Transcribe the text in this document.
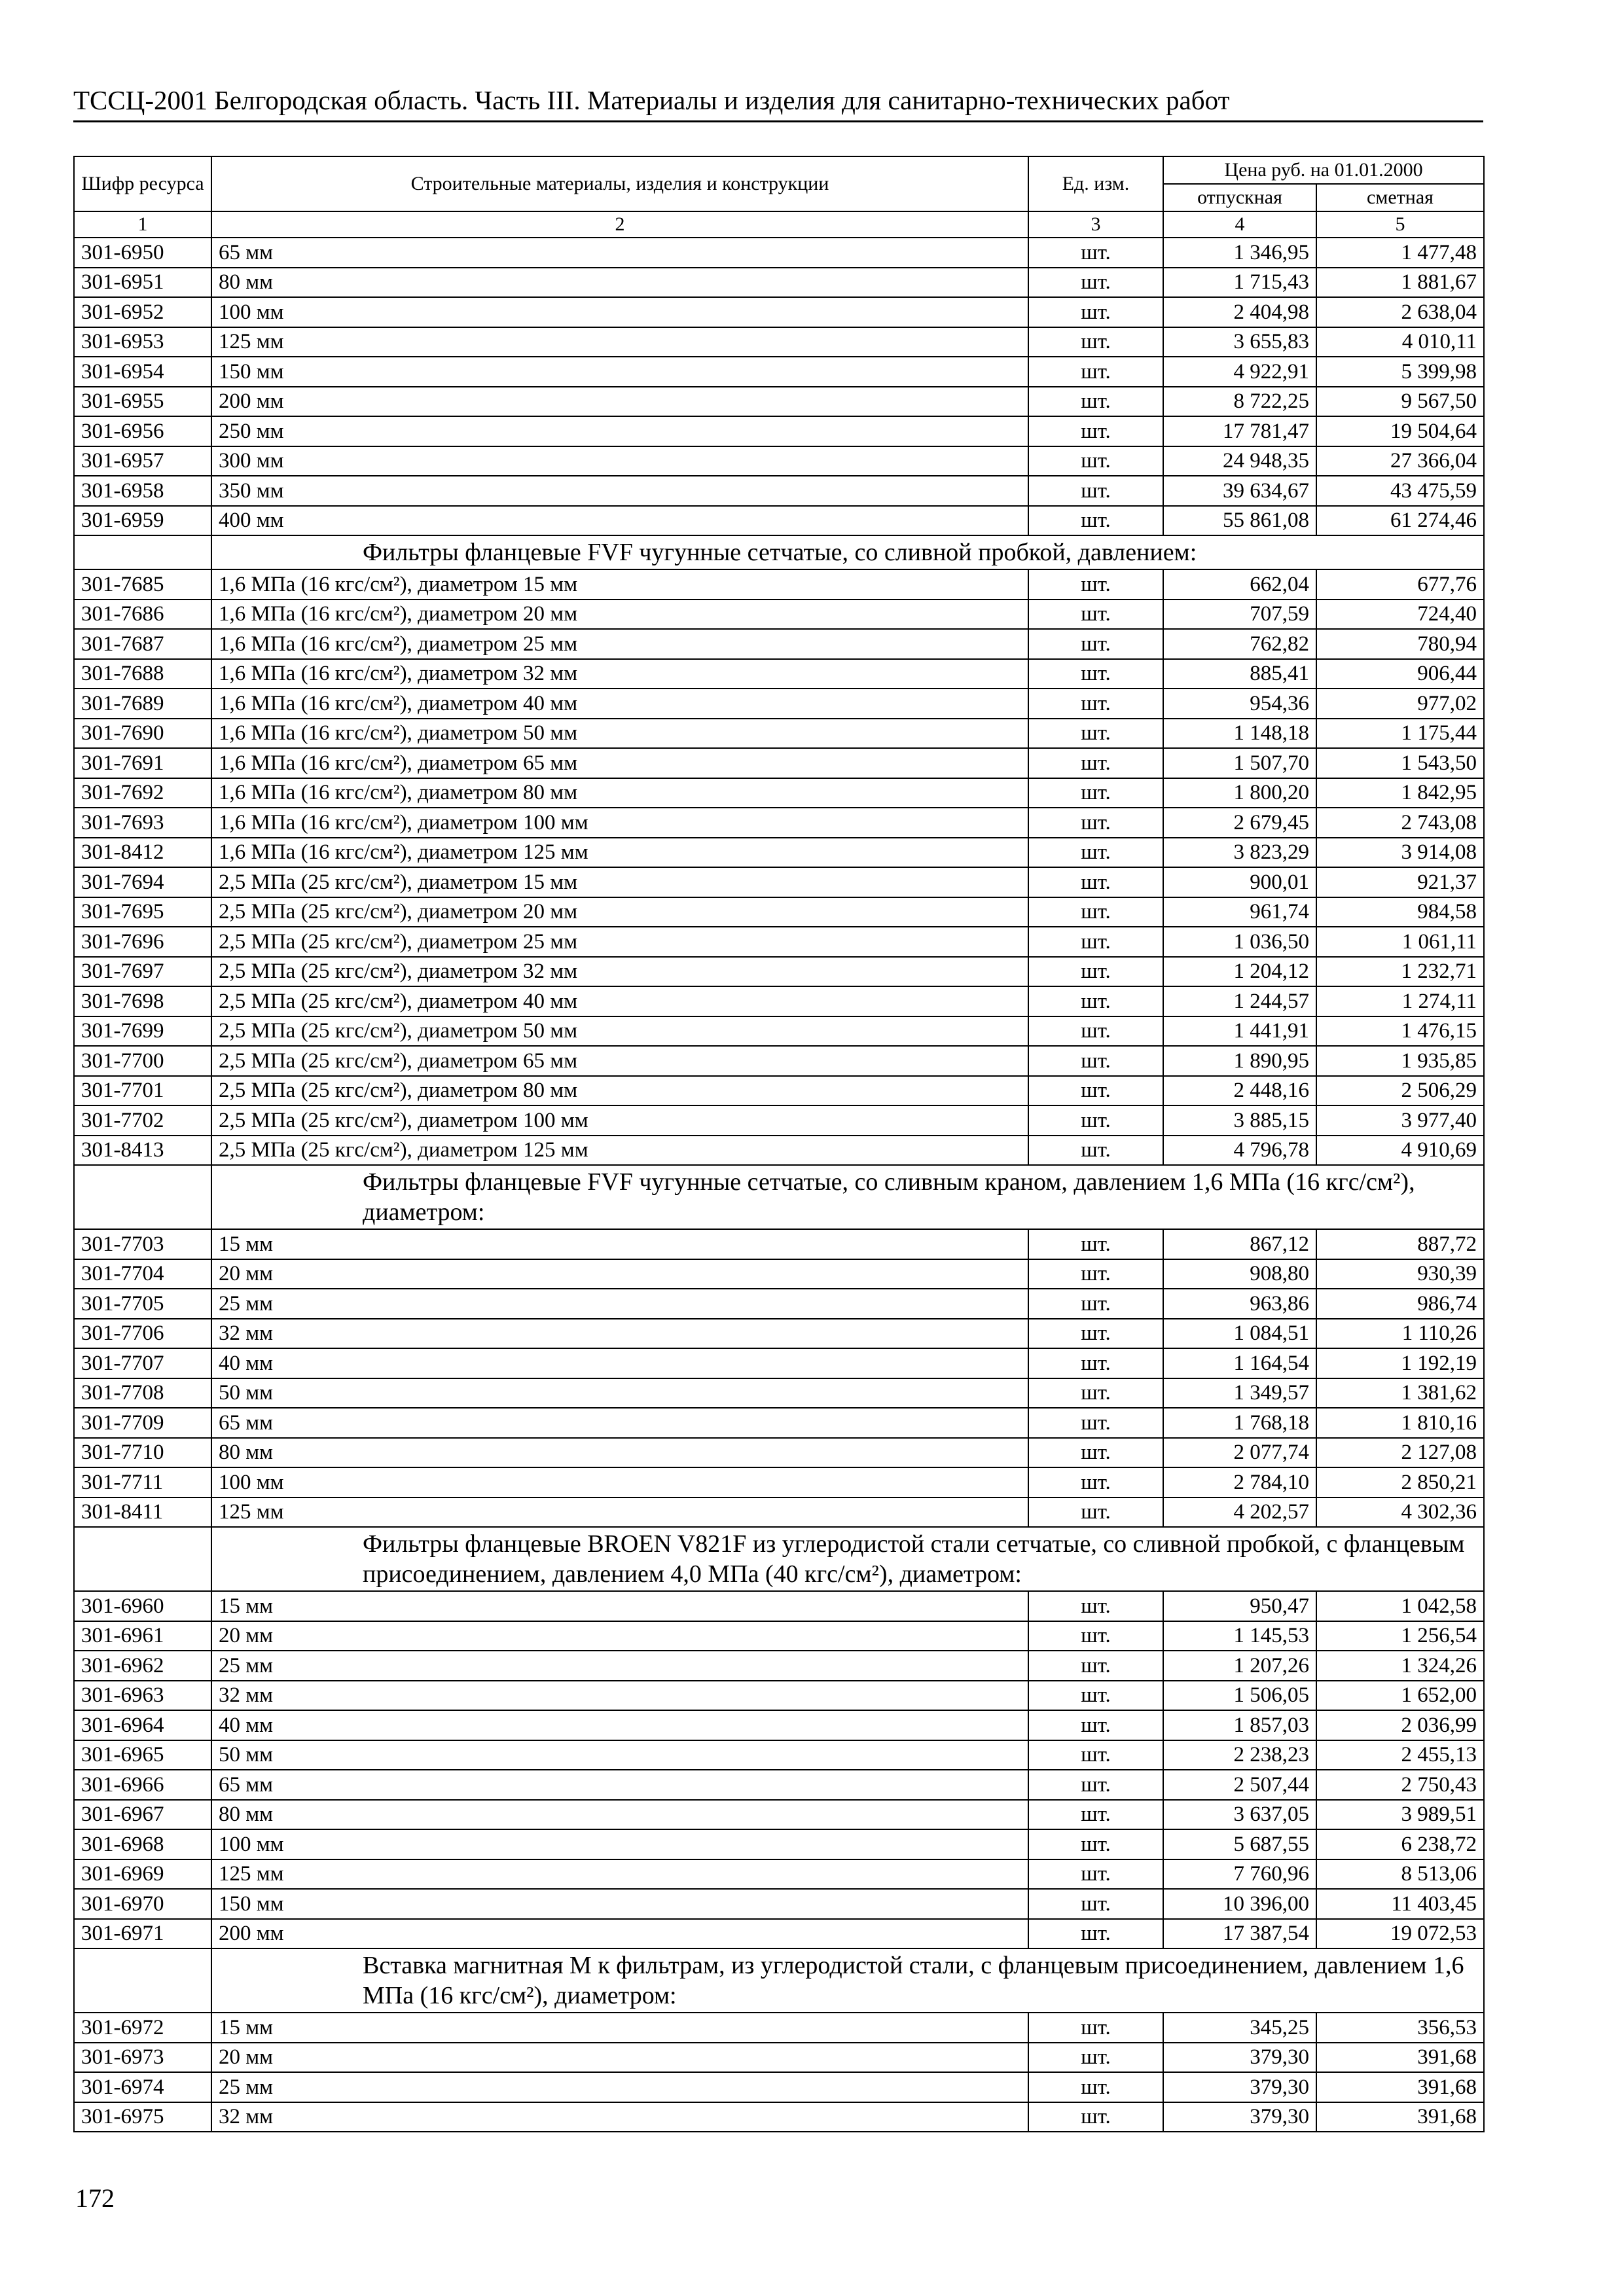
ТССЦ-2001 Белгородская область. Часть III. Материалы и изделия для санитарно-технических работ
Шифр ресурса	Строительные материалы, изделия и конструкции	Ед. изм.	Цена руб. на 01.01.2000	
			отпускная	сметная
1	2	3	4	5
301-6950	65 мм	шт.	1 346,95	1 477,48
301-6951	80 мм	шт.	1 715,43	1 881,67
301-6952	100 мм	шт.	2 404,98	2 638,04
301-6953	125 мм	шт.	3 655,83	4 010,11
301-6954	150 мм	шт.	4 922,91	5 399,98
301-6955	200 мм	шт.	8 722,25	9 567,50
301-6956	250 мм	шт.	17 781,47	19 504,64
301-6957	300 мм	шт.	24 948,35	27 366,04
301-6958	350 мм	шт.	39 634,67	43 475,59
301-6959	400 мм	шт.	55 861,08	61 274,46
	Фильтры фланцевые FVF чугунные сетчатые, со сливной пробкой, давлением:			
301-7685	1,6 МПа (16 кгс/см²), диаметром 15 мм	шт.	662,04	677,76
301-7686	1,6 МПа (16 кгс/см²), диаметром 20 мм	шт.	707,59	724,40
301-7687	1,6 МПа (16 кгс/см²), диаметром 25 мм	шт.	762,82	780,94
301-7688	1,6 МПа (16 кгс/см²), диаметром 32 мм	шт.	885,41	906,44
301-7689	1,6 МПа (16 кгс/см²), диаметром 40 мм	шт.	954,36	977,02
301-7690	1,6 МПа (16 кгс/см²), диаметром 50 мм	шт.	1 148,18	1 175,44
301-7691	1,6 МПа (16 кгс/см²), диаметром 65 мм	шт.	1 507,70	1 543,50
301-7692	1,6 МПа (16 кгс/см²), диаметром 80 мм	шт.	1 800,20	1 842,95
301-7693	1,6 МПа (16 кгс/см²), диаметром 100 мм	шт.	2 679,45	2 743,08
301-8412	1,6 МПа (16 кгс/см²), диаметром 125 мм	шт.	3 823,29	3 914,08
301-7694	2,5 МПа (25 кгс/см²), диаметром 15 мм	шт.	900,01	921,37
301-7695	2,5 МПа (25 кгс/см²), диаметром 20 мм	шт.	961,74	984,58
301-7696	2,5 МПа (25 кгс/см²), диаметром 25 мм	шт.	1 036,50	1 061,11
301-7697	2,5 МПа (25 кгс/см²), диаметром 32 мм	шт.	1 204,12	1 232,71
301-7698	2,5 МПа (25 кгс/см²), диаметром 40 мм	шт.	1 244,57	1 274,11
301-7699	2,5 МПа (25 кгс/см²), диаметром 50 мм	шт.	1 441,91	1 476,15
301-7700	2,5 МПа (25 кгс/см²), диаметром 65 мм	шт.	1 890,95	1 935,85
301-7701	2,5 МПа (25 кгс/см²), диаметром 80 мм	шт.	2 448,16	2 506,29
301-7702	2,5 МПа (25 кгс/см²), диаметром 100 мм	шт.	3 885,15	3 977,40
301-8413	2,5 МПа (25 кгс/см²), диаметром 125 мм	шт.	4 796,78	4 910,69
	Фильтры фланцевые FVF чугунные сетчатые, со сливным краном, давлением 1,6 МПа (16 кгс/см²), диаметром:			
301-7703	15 мм	шт.	867,12	887,72
301-7704	20 мм	шт.	908,80	930,39
301-7705	25 мм	шт.	963,86	986,74
301-7706	32 мм	шт.	1 084,51	1 110,26
301-7707	40 мм	шт.	1 164,54	1 192,19
301-7708	50 мм	шт.	1 349,57	1 381,62
301-7709	65 мм	шт.	1 768,18	1 810,16
301-7710	80 мм	шт.	2 077,74	2 127,08
301-7711	100 мм	шт.	2 784,10	2 850,21
301-8411	125 мм	шт.	4 202,57	4 302,36
	Фильтры фланцевые BROEN V821F из углеродистой стали сетчатые, со сливной пробкой, с фланцевым присоединением, давлением 4,0 МПа (40 кгс/см²), диаметром:			
301-6960	15 мм	шт.	950,47	1 042,58
301-6961	20 мм	шт.	1 145,53	1 256,54
301-6962	25 мм	шт.	1 207,26	1 324,26
301-6963	32 мм	шт.	1 506,05	1 652,00
301-6964	40 мм	шт.	1 857,03	2 036,99
301-6965	50 мм	шт.	2 238,23	2 455,13
301-6966	65 мм	шт.	2 507,44	2 750,43
301-6967	80 мм	шт.	3 637,05	3 989,51
301-6968	100 мм	шт.	5 687,55	6 238,72
301-6969	125 мм	шт.	7 760,96	8 513,06
301-6970	150 мм	шт.	10 396,00	11 403,45
301-6971	200 мм	шт.	17 387,54	19 072,53
	Вставка магнитная М к фильтрам, из углеродистой стали, с фланцевым присоединением, давлением 1,6 МПа (16 кгс/см²), диаметром:			
301-6972	15 мм	шт.	345,25	356,53
301-6973	20 мм	шт.	379,30	391,68
301-6974	25 мм	шт.	379,30	391,68
301-6975	32 мм	шт.	379,30	391,68
172
